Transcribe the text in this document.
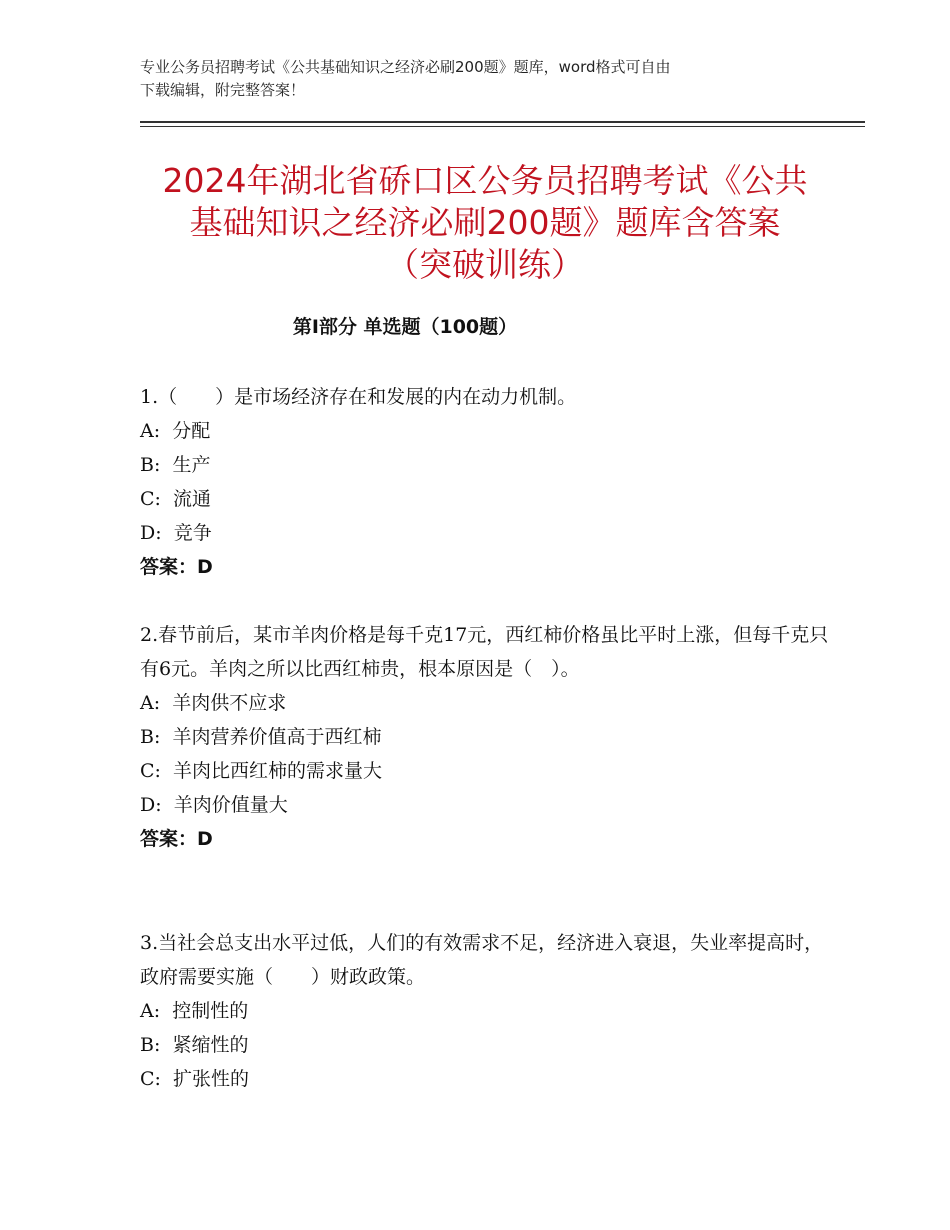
专业公务员招聘考试《公共基础知识之经济必刷200题》题库，word格式可自由
下载编辑，附完整答案！
2024年湖北省硚口区公务员招聘考试《公共
基础知识之经济必刷200题》题库含答案
（突破训练）
第Ⅰ部分 单选题（100题）

1.（　　）是市场经济存在和发展的内在动力机制。

A:  分配

B:  生产

C:  流通

D:  竞争

答案：D

2.春节前后，某市羊肉价格是每千克17元，西红柿价格虽比平时上涨，但每千克只有6元。羊肉之所以比西红柿贵，根本原因是（　）。

A:  羊肉供不应求

B:  羊肉营养价值高于西红柿

C:  羊肉比西红柿的需求量大

D:  羊肉价值量大

答案：D

3.当社会总支出水平过低，人们的有效需求不足，经济进入衰退，失业率提高时，政府需要实施（　　）财政政策。

A:  控制性的

B:  紧缩性的

C:  扩张性的
